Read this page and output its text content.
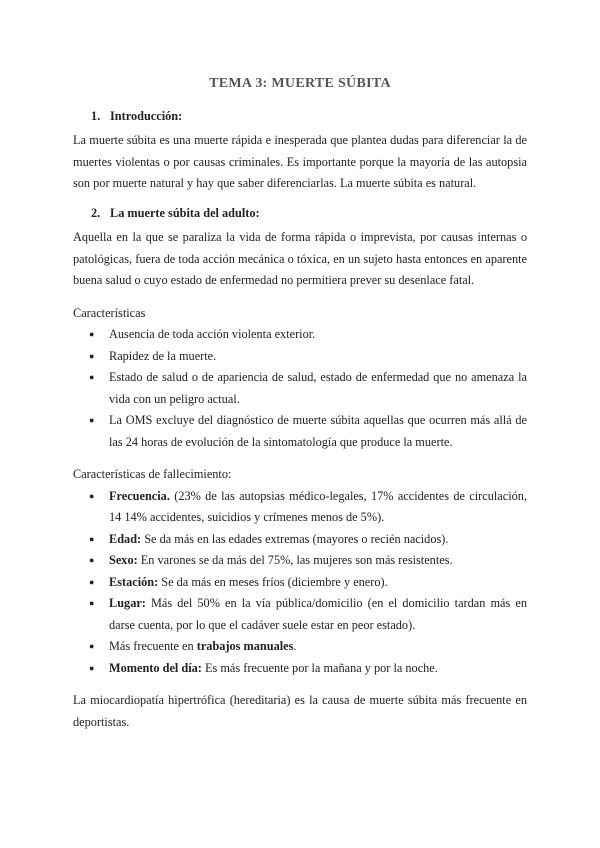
TEMA 3: MUERTE SÚBITA
1. Introducción:

La muerte súbita es una muerte rápida e inesperada que plantea dudas para diferenciar la de muertes violentas o por causas criminales. Es importante porque la mayoría de las autopsia son por muerte natural y hay que saber diferenciarlas. La muerte súbita es natural.

2. La muerte súbita del adulto:

Aquella en la que se paraliza la vida de forma rápida o imprevista, por causas internas o patológicas, fuera de toda acción mecánica o tóxica, en un sujeto hasta entonces en aparente buena salud o cuyo estado de enfermedad no permitiera prever su desenlace fatal.

Características

● Ausencia de toda acción violenta exterior.
● Rapidez de la muerte.
● Estado de salud o de apariencia de salud, estado de enfermedad que no amenaza la vida con un peligro actual.
● La OMS excluye del diagnóstico de muerte súbita aquellas que ocurren más allá de las 24 horas de evolución de la sintomatología que produce la muerte.

Características de fallecimiento:

● Frecuencia. (23% de las autopsias médico-legales, 17% accidentes de circulación, 14 14% accidentes, suicidios y crímenes menos de 5%).
● Edad: Se da más en las edades extremas (mayores o recién nacidos).
● Sexo: En varones se da más del 75%, las mujeres son más resistentes.
● Estación: Se da más en meses fríos (diciembre y enero).
● Lugar: Más del 50% en la vía pública/domicilio (en el domicilio tardan más en darse cuenta, por lo que el cadáver suele estar en peor estado).
● Más frecuente en trabajos manuales.
● Momento del día: Es más frecuente por la mañana y por la noche.

La miocardiopatía hipertrófica (hereditaria) es la causa de muerte súbita más frecuente en deportistas.
